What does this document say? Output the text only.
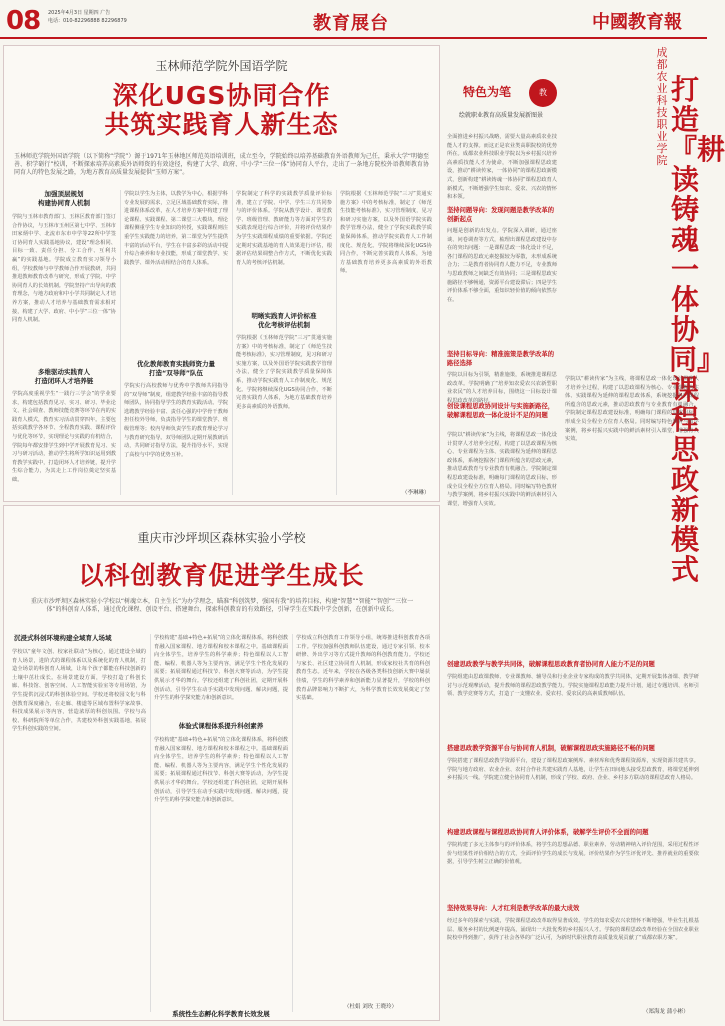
08 2025年4月3日 星期四 广告
电话：010-82296888 82296879	教育展台	中國教育報
玉林师范学院外国语学院
深化UGS协同合作
共筑实践育人新生态
玉林师范学院外国语学院（以下简称“学院”）源于1971年玉林地区师范英语培训班，成立至今，学院始终以培养基础教育外语教师为己任，秉承大学“明德至善、积学砺行”校训，不断探索培养高素质外语师资的有效途径，构建了大学、政府、中小学“三位一体”协同育人平台，走出了一条地方院校外语教师教育协同育人的特色发展之路，为地方教育高质量发展提供“玉师方案”。
加强顶层规划
构建协同育人机制
学院与玉林市教育部门、玉林区教育部门签订合作协议，与玉林市玉州区第七中学、玉林市田家炳中学、北流市东市中学等22所中学签订协同育人实践基地协议，建设“理念相同、目标一致、责任分担、分工合作、互利共赢”的实践基地。学院成立教育实习领导小组，学校教师与中学教师合作开展教研，共同推进教师教育改革与研究，形成了学院、中学协同育人的长效机制。学院坚持产出导向的教育理念，与地方政府和中小学共同制定人才培养方案，推动人才培养与基础教育需求相对接，构建了大学、政府、中小学“三位一体”协同育人机制。
多维驱动实践育人
打造闭环人才培养链
学院高度重视学生“一践行三学会”的学业要求，构建包括教育见习、实习、研习、毕业论文、社会调查、教师技能竞赛等环节在内的实践育人模式，教育实习活动贯穿四年。主要包括实践教学各环节、全程教育实践、课程评价与优化等环节，实现理论与实践的有机结合，学院每年都安排学生到中学开展教育见习、实习与研习活动，推动学生将所学知识运用到教育教学实践中，打造闭环人才培养链，提升学生综合能力，为其走上工作岗位奠定坚实基础。
学院以学生为主体，以教学为中心，根据学科专业发展的需求，立足区域基础教育实际，推进课程体系改革，在人才培养方案中构建了理论课程、实践课程、第二课堂三大模块。理论课程侧重学生专业知识的传授，实践课程则注重学生实践能力的培养，第二课堂为学生提供丰富的活动平台，学生在丰富多彩的活动中提升综合素养和专业技能，形成了课堂教学、实践教学、课外活动相结合的育人体系。
优化教师教育实践师资力量
打造“双导师”队伍
学院实行高校教师与优秀中学教师共同指导的“双导师”制度，组建教学经验丰富的指导教师团队，协同指导学生的教育实践活动。学院选聘教学经验丰富、责任心强的中学骨干教师担任校外导师，负责指导学生的课堂教学、班级管理等；校内导师负责学生的教育理论学习与教育研究指导。双导师团队定期开展教研活动，共同研讨指导方法，提升指导水平，实现了高校与中学的优势互补。
学院制定了科学的实践教学质量评价标准，建立了学院、中学、学生三方共同参与的评价体系。学院从教学设计、课堂教学、班级管理、教研能力等方面对学生的实践表现进行综合评价，并将评价结果作为学生实践课程成绩的重要依据。学院还定期对实践基地的育人效果进行评估，根据评估结果调整合作方式，不断优化实践育人的考核评估机制。
明晰实践育人评价标准
优化考核评估机制
学院根据《玉林师范学院“三习”贯通实施方案》中的考核标准，制定了《师范生技能考核标准》，实习管理制度，见习和研习实施方案，以及外国语学院实践教学管理办法，健全了学院实践教学质量保障体系，推动学院实践育人工作制度化、规范化。学院将继续深化UGS协同合作，不断完善实践育人体系，为地方基础教育培养更多高素质的外语教师。
学院根据《玉林师范学院“三习”贯通实施方案》中的考核标准，制定了《师范生技能考核标准》，实习管理制度，见习和研习实施方案，以及外国语学院实践教学管理办法，健全了学院实践教学质量保障体系，推动学院实践育人工作制度化、规范化。学院将继续深化UGS协同合作，不断完善实践育人体系，为地方基础教育培养更多高素质的外语教师。
（李琳琳）
重庆市沙坪坝区森林实验小学校
以科创教育促进学生成长
重庆市沙坪坝区森林实验小学校以“树魂立本，自主生长”为办学理念，瞄准“科创筑梦，强国有我”的培养目标，构建“智慧”“智能”“智创”“三位一体”的科创育人体系，通过优化课程、创设平台、搭建舞台，探索科创教育的有效路径，引导学生在实践中学会创新，在创新中成长。
沉浸式科创环境构建全域育人场域
学校以“童年文创、校家社联动”为核心，通过建设全域的育人场景，进阶式的课程体系以及系统化的育人机制，打造全场景的科创育人场域，让每个孩子都能在科技创新的土壤中茁壮成长。在场景建设方面，学校打造了科创长廊、科技馆、创客空间、人工智能实验室等专用场馆，为学生提供沉浸式的科创体验空间。学校还将校园文化与科创教育深度融合，在走廊、楼道等区域布置科学家故事、科技成果展示等内容，营造浓厚的科创氛围。学校与高校、科研院所等单位合作，共建校外科创实践基地，拓展学生科创实践的空间。
学校构建“基础+特色+拓展”的立体化课程体系，将科创教育融入国家课程、地方课程和校本课程之中。基础课程面向全体学生，培养学生的科学素养；特色课程以人工智能、编程、机器人等为主要内容，满足学生个性化发展的需要；拓展课程通过科技节、科创大赛等活动，为学生提供展示才华的舞台。学校还组建了科创社团，定期开展科创活动，引导学生在动手实践中发现问题、解决问题，提升学生的科学探究能力和创新意识。
体验式课程体系提升科创素养
学校构建“基础+特色+拓展”的立体化课程体系，将科创教育融入国家课程、地方课程和校本课程之中。基础课程面向全体学生，培养学生的科学素养；特色课程以人工智能、编程、机器人等为主要内容，满足学生个性化发展的需要；拓展课程通过科技节、科创大赛等活动，为学生提供展示才华的舞台。学校还组建了科创社团，定期开展科创活动，引导学生在动手实践中发现问题、解决问题，提升学生的科学探究能力和创新意识。
系统性生态孵化科学教育长效发展
学校成立科创教育工作领导小组，统筹推进科创教育各项工作。学校加强科创教师队伍建设，通过专家引领、校本研修、外出学习等方式提升教师的科创教育能力。学校还与家长、社区建立协同育人机制，形成家校社共育的科创教育生态。近年来，学校在各级各类科技创新大赛中屡获佳绩，学生的科学素养和创新能力显著提升，学校的科创教育品牌影响力不断扩大，为科学教育长效发展奠定了坚实基础。
（杜娟 刘玫 王晓玲）
特色为笔	教
绘就职业教育高质量发展新图景
成都农业科技职业学院
打造『耕读铸魂 一体协同』课程思政新模式
全面推进乡村振兴战略，需要大量高素质农业技能人才的支撑。而这正是农业类高职院校的优势所在。成都农业科技职业学院以为乡村振兴培养高素质技能人才为使命，不断加强课程思政建设，推动“耕读传家，一体协同”的课程思政新模式，创新构建“耕读铸魂一体协同”课程思政育人新模式，不断增强学生知农、爱农、兴农的情怀和本领。
坚持问题导向：发现问题是教学改革的创新起点
问题是创新的出发点。学院深入调研，通过座谈、问卷调查等方式，梳理出课程思政建设中存在的突出问题：一是课程思政一体化设计不足，各门课程的思政元素挖掘较为零散，未形成系统合力；二是教育者协同育人能力不足，专业教师与思政教师之间缺乏有效协同；三是课程思政实施路径不够畅通，资源平台建设滞后；四是学生评价体系不够全面，重知识轻价值的倾向依然存在。
坚持目标导向：精准施策是教学改革的路径选择
学院以目标为引领，精准施策，系统推进课程思政改革。学院明确了“培养知农爱农兴农新型职业农民”的人才培养目标，围绕这一目标设计课程思政改革的路径。
创设课程思政协同设计与实施新路径，破解课程思政一体化设计不足的问题
学院以“耕读传家”为主线，将课程思政一体化设计贯穿人才培养全过程，构建了以思政课程为核心、专业课程为主体、实践课程为延伸的课程思政体系，系统挖掘各门课程所蕴含的思政元素，推动思政教育与专业教育有机融合。学院制定课程思政建设标准，明确每门课程的思政目标，形成全员全程全方位育人格局。同时编写特色教材与教学案例，将乡村振兴实践中的鲜活素材引入课堂，增强育人实效。
学院以“耕读传家”为主线，将课程思政一体化设计贯穿人才培养全过程，构建了以思政课程为核心、专业课程为主体、实践课程为延伸的课程思政体系，系统挖掘各门课程所蕴含的思政元素，推动思政教育与专业教育有机融合。学院制定课程思政建设标准，明确每门课程的思政目标，形成全员全程全方位育人格局。同时编写特色教材与教学案例，将乡村振兴实践中的鲜活素材引入课堂，增强育人实效。
创建思政教学与教学共同体，破解课程思政教育者协同育人能力不足的问题
学院组建由思政课教师、专业课教师、辅导员和行业企业专家构成的教学共同体，定期开展集体备课、教学研讨与示范观摩活动，提升教师的课程思政教学能力。学院实施课程思政能力提升计划，通过专题培训、名师引领、教学竞赛等方式，打造了一支懂农业、爱农村、爱农民的高素质教师队伍。
搭建思政教学资源平台与协同育人机制，破解课程思政实施路径不畅的问题
学院搭建了课程思政教学资源平台，建设了课程思政案例库、素材库和优秀课程资源库，实现资源共建共享。学院与地方政府、农业企业、农村合作社共建实践育人基地，让学生在田间地头接受思政教育，将课堂延伸到乡村振兴一线。学院建立健全协同育人机制，形成了学校、政府、企业、乡村多方联动的课程思政育人格局。
构建思政课程与课程思政协同育人评价体系，破解学生评价不全面的问题
学院构建了多元主体参与的评价体系，将学生的思想品德、职业素养、劳动精神纳入评价范围，采用过程性评价与结果性评价相结合的方式，全面评价学生的成长与发展。评价结果作为学生评优评先、推荐就业的重要依据，引导学生树立正确的价值观。
坚持效果导向：人才红利是教学改革的最大成效
经过多年的探索与实践，学院课程思政改革取得显著成效。学生的知农爱农兴农情怀不断增强，毕业生扎根基层、服务乡村的比例逐年提高，涌现出一大批优秀的乡村振兴人才。学院的课程思政改革经验在全国农业职业院校中得到推广，获得了社会各界的广泛认可，为新时代职业教育高质量发展贡献了“成都农职方案”。
（郑海龙 蒲小彬）
